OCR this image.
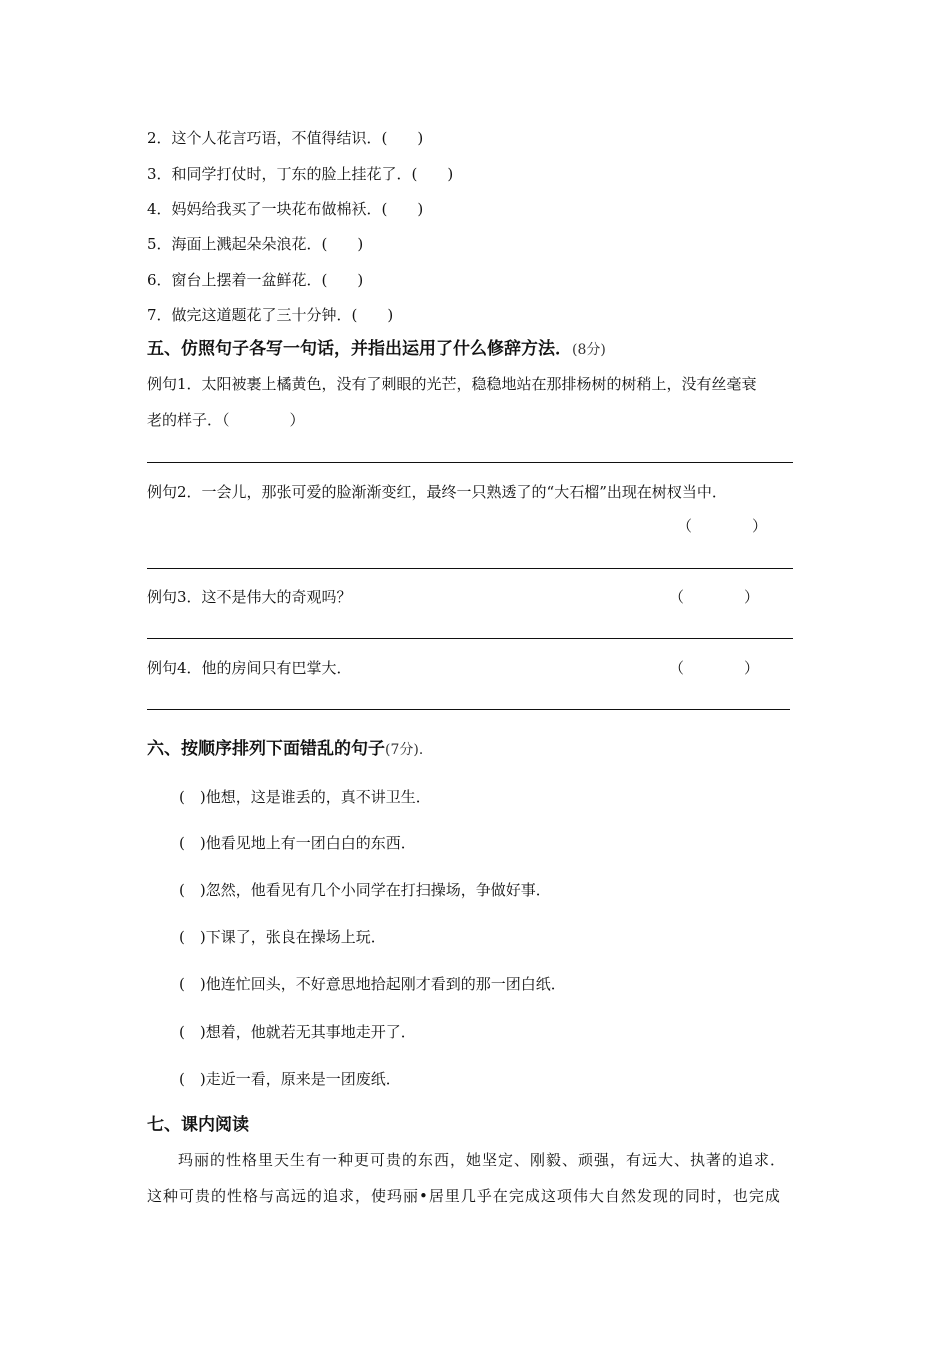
2．这个人花言巧语，不值得结识．(　　)
3．和同学打仗时，丁东的脸上挂花了．(　　)
4．妈妈给我买了一块花布做棉袄．(　　)
5．海面上溅起朵朵浪花．(　　)
6．窗台上摆着一盆鲜花．(　　)
7．做完这道题花了三十分钟．(　　)
五、仿照句子各写一句话，并指出运用了什么修辞方法．(8分)
例句1．太阳被裹上橘黄色，没有了刺眼的光芒，稳稳地站在那排杨树的树稍上，没有丝毫衰
老的样子．（　　　　）
例句2．一会儿，那张可爱的脸渐渐变红，最终一只熟透了的“大石榴”出现在树杈当中．
（　　　　）
例句3．这不是伟大的奇观吗？	（　　　　）
例句4．他的房间只有巴掌大．	（　　　　）
六、按顺序排列下面错乱的句子(7分)．
(　)他想，这是谁丢的，真不讲卫生．
(　)他看见地上有一团白白的东西．
(　)忽然，他看见有几个小同学在打扫操场，争做好事．
(　)下课了，张良在操场上玩．
(　)他连忙回头，不好意思地拾起刚才看到的那一团白纸．
(　)想着，他就若无其事地走开了．
(　)走近一看，原来是一团废纸．
七、课内阅读
玛丽的性格里天生有一种更可贵的东西，她坚定、刚毅、顽强，有远大、执著的追求．
这种可贵的性格与高远的追求，使玛丽•居里几乎在完成这项伟大自然发现的同时，也完成
